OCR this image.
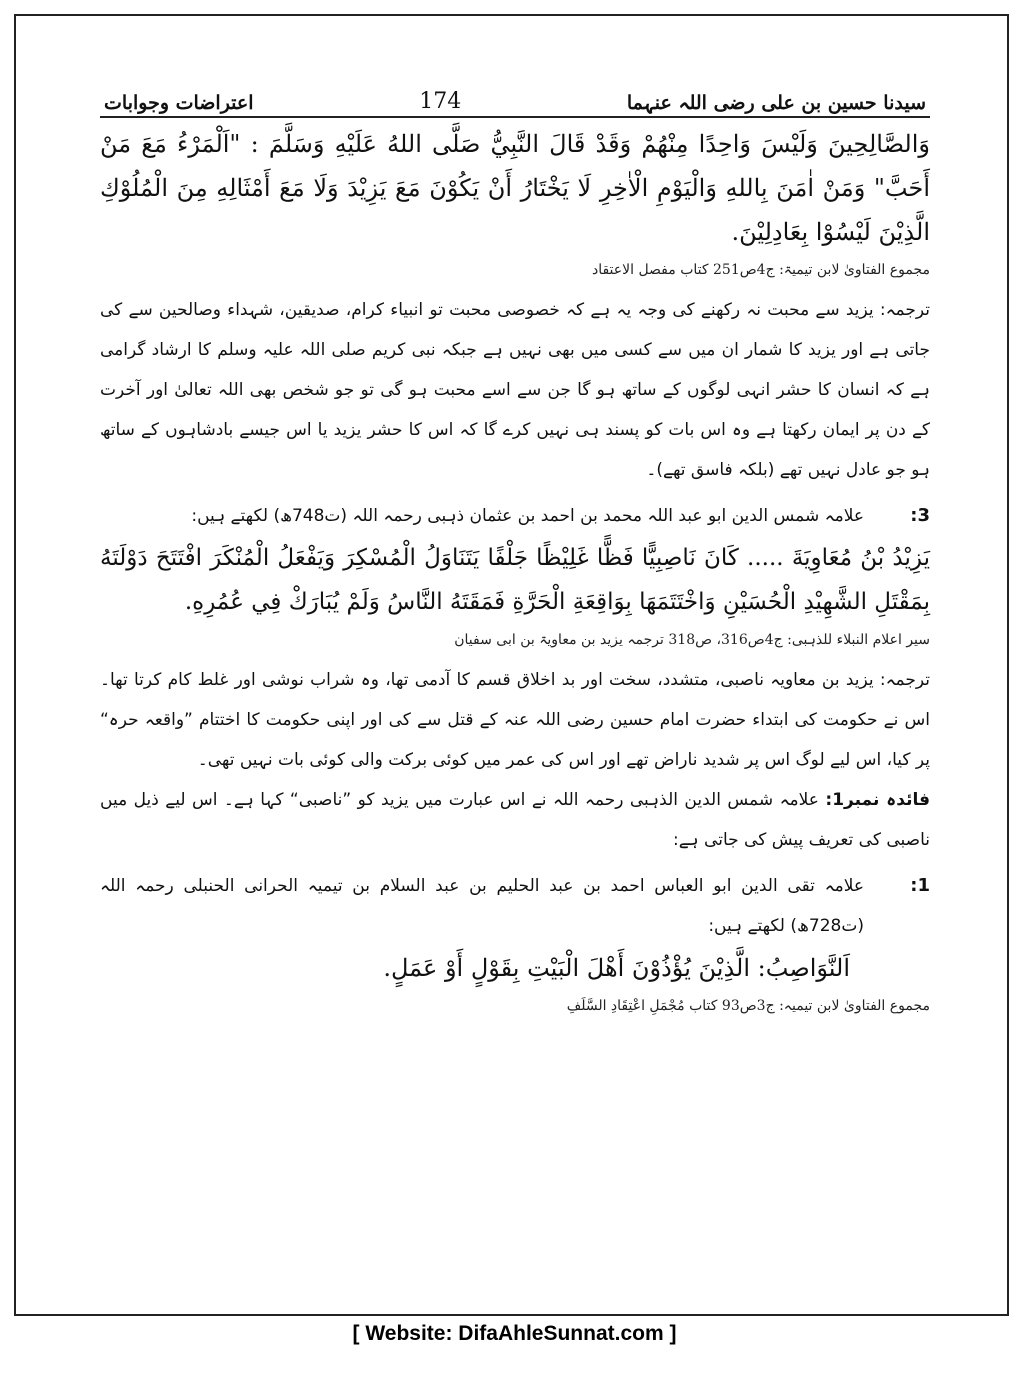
سیدنا حسین بن علی رضی اللہ عنہما
174
اعتراضات وجوابات

وَالصَّالِحِينَ وَلَيْسَ وَاحِدًا مِنْهُمْ وَقَدْ قَالَ النَّبِيُّ صَلَّى اللهُ عَلَيْهِ وَسَلَّمَ : "اَلْمَرْءُ مَعَ مَنْ أَحَبَّ" وَمَنْ اٰمَنَ بِاللهِ وَالْيَوْمِ الْاٰخِرِ لَا يَخْتَارُ أَنْ يَكُوْنَ مَعَ يَزِيْدَ وَلَا مَعَ أَمْثَالِهِ مِنَ الْمُلُوْكِ الَّذِيْنَ لَيْسُوْا بِعَادِلِيْنَ.

مجموع الفتاویٰ لابن تیمیۃ: ج4ص251 کتاب مفصل الاعتقاد

ترجمہ: یزید سے محبت نہ رکھنے کی وجہ یہ ہے کہ خصوصی محبت تو انبیاء کرام، صدیقین، شہداء وصالحین سے کی جاتی ہے اور یزید کا شمار ان میں سے کسی میں بھی نہیں ہے جبکہ نبی کریم صلی اللہ علیہ وسلم کا ارشاد گرامی ہے کہ انسان کا حشر انہی لوگوں کے ساتھ ہو گا جن سے اسے محبت ہو گی تو جو شخص بھی اللہ تعالیٰ اور آخرت کے دن پر ایمان رکھتا ہے وہ اس بات کو پسند ہی نہیں کرے گا کہ اس کا حشر یزید یا اس جیسے بادشاہوں کے ساتھ ہو جو عادل نہیں تھے (بلکہ فاسق تھے)۔

3:
علامہ شمس الدین ابو عبد اللہ محمد بن احمد بن عثمان ذہبی رحمہ اللہ (ت748ھ) لکھتے ہیں:

يَزِيْدُ بْنُ مُعَاوِيَةَ ..... كَانَ نَاصِبِيًّا فَظًّا غَلِيْظًا جَلْفًا يَتَنَاوَلُ الْمُسْكِرَ وَيَفْعَلُ الْمُنْكَرَ افْتَتَحَ دَوْلَتَهُ بِمَقْتَلِ الشَّهِيْدِ الْحُسَيْنِ وَاخْتَتَمَهَا بِوَاقِعَةِ الْحَرَّةِ فَمَقَتَهُ النَّاسُ وَلَمْ يُبَارَكْ فِي عُمُرِهِ.

سیر اعلام النبلاء للذہبی: ج4ص316، ص318 ترجمہ یزید بن معاویۃ بن ابی سفیان

ترجمہ: یزید بن معاویہ ناصبی، متشدد، سخت اور بد اخلاق قسم کا آدمی تھا، وہ شراب نوشی اور غلط کام کرتا تھا۔ اس نے حکومت کی ابتداء حضرت امام حسین رضی اللہ عنہ کے قتل سے کی اور اپنی حکومت کا اختتام ”واقعہ حرہ“ پر کیا، اس لیے لوگ اس پر شدید ناراض تھے اور اس کی عمر میں کوئی برکت والی کوئی بات نہیں تھی۔

فائدہ نمبر1: علامہ شمس الدین الذہبی رحمہ اللہ نے اس عبارت میں یزید کو ”ناصبی“ کہا ہے۔ اس لیے ذیل میں ناصبی کی تعریف پیش کی جاتی ہے:

1:
علامہ تقی الدین ابو العباس احمد بن عبد الحلیم بن عبد السلام بن تیمیہ الحرانی الحنبلی رحمہ اللہ (ت728ھ) لکھتے ہیں:

اَلنَّوَاصِبُ: الَّذِيْنَ يُؤْذُوْنَ أَهْلَ الْبَيْتِ بِقَوْلٍ أَوْ عَمَلٍ.

مجموع الفتاویٰ لابن تیمیہ: ج3ص93 کتاب مُجْمَلِ اعْتِقَادِ السَّلَفِ
[ Website: DifaAhleSunnat.com ]
